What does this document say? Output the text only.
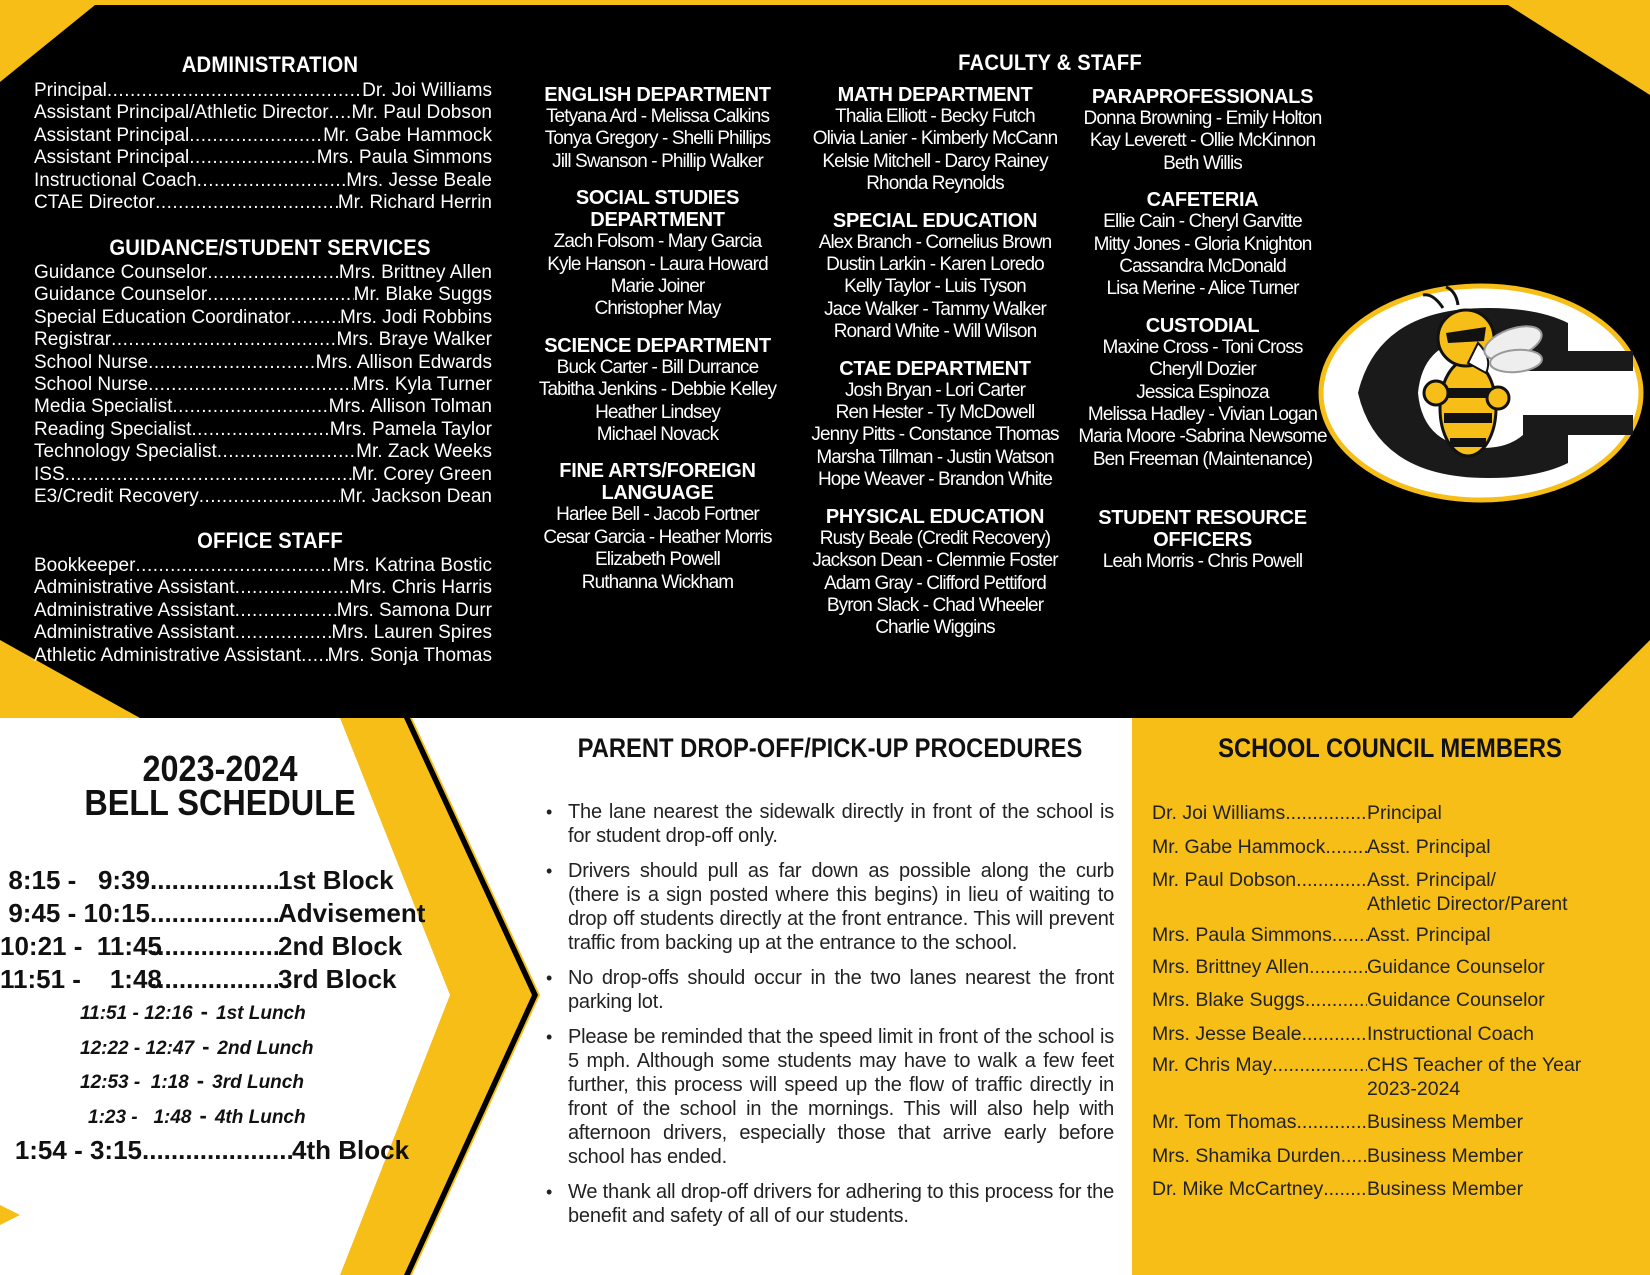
ADMINISTRATION
Principal .....	Dr. Joi Williams
Assistant Principal/Athletic Director ..... Mr. Paul Dobson
Assistant Principal .....	Mr. Gabe Hammock
Assistant Principal .....	Mrs. Paula Simmons
Instructional Coach .....	Mrs. Jesse Beale
CTAE Director .....	Mr. Richard Herrin
GUIDANCE/STUDENT SERVICES
Guidance Counselor .....	Mrs. Brittney Allen
Guidance Counselor .....	Mr. Blake Suggs
Special Education Coordinator .....	Mrs. Jodi Robbins
Registrar .....	Mrs. Braye Walker
School Nurse .....	Mrs. Allison Edwards
School Nurse .....	Mrs. Kyla Turner
Media Specialist .....	Mrs. Allison Tolman
Reading Specialist .....	Mrs. Pamela Taylor
Technology Specialist .....	Mr. Zack Weeks
ISS .....	Mr. Corey Green
E3/Credit Recovery .....	Mr. Jackson Dean
OFFICE STAFF
Bookkeeper .....	Mrs. Katrina Bostic
Administrative Assistant .....	Mrs. Chris Harris
Administrative Assistant .....	Mrs. Samona Durr
Administrative Assistant .....	Mrs. Lauren Spires
Athletic Administrative Assistant ..... Mrs. Sonja Thomas
FACULTY & STAFF
ENGLISH DEPARTMENT
Tetyana Ard - Melissa Calkins
Tonya Gregory - Shelli Phillips
Jill Swanson - Phillip Walker
SOCIAL STUDIES DEPARTMENT
Zach Folsom - Mary Garcia
Kyle Hanson - Laura Howard
Marie Joiner
Christopher May
SCIENCE DEPARTMENT
Buck Carter - Bill Durrance
Tabitha Jenkins - Debbie Kelley
Heather Lindsey
Michael Novack
FINE ARTS/FOREIGN LANGUAGE
Harlee Bell - Jacob Fortner
Cesar Garcia - Heather Morris
Elizabeth Powell
Ruthanna Wickham
MATH DEPARTMENT
Thalia Elliott - Becky Futch
Olivia Lanier - Kimberly McCann
Kelsie Mitchell - Darcy Rainey
Rhonda Reynolds
SPECIAL EDUCATION
Alex Branch - Cornelius Brown
Dustin Larkin - Karen Loredo
Kelly Taylor - Luis Tyson
Jace Walker - Tammy Walker
Ronard White - Will Wilson
CTAE DEPARTMENT
Josh Bryan - Lori Carter
Ren Hester - Ty McDowell
Jenny Pitts - Constance Thomas
Marsha Tillman - Justin Watson
Hope Weaver - Brandon White
PHYSICAL EDUCATION
Rusty Beale (Credit Recovery)
Jackson Dean - Clemmie Foster
Adam Gray - Clifford Pettiford
Byron Slack - Chad Wheeler
Charlie Wiggins
PARAPROFESSIONALS
Donna Browning - Emily Holton
Kay Leverett - Ollie McKinnon
Beth Willis
CAFETERIA
Ellie Cain - Cheryl Garvitte
Mitty Jones - Gloria Knighton
Cassandra McDonald
Lisa Merine - Alice Turner
CUSTODIAL
Maxine Cross - Toni Cross
Cheryll Dozier
Jessica Espinoza
Melissa Hadley - Vivian Logan
Maria Moore -Sabrina Newsome
Ben Freeman (Maintenance)
STUDENT RESOURCE OFFICERS
Leah Morris - Chris Powell
2023-2024
BELL SCHEDULE
8:15 -   9:39 .....	1st Block
9:45 - 10:15 .....	Advisement
10:21 -  11:45 .....	2nd Block
11:51 -    1:48 .....	3rd Block
11:51 - 12:16 - 1st Lunch
12:22 - 12:47 - 2nd Lunch
12:53 -  1:18 - 3rd Lunch
1:23 -   1:48 - 4th Lunch
1:54 - 3:15 .....	4th Block
PARENT DROP-OFF/PICK-UP PROCEDURES
• The lane nearest the sidewalk directly in front of the school is for student drop-off only.
• Drivers should pull as far down as possible along the curb (there is a sign posted where this begins) in lieu of waiting to drop off students directly at the front entrance. This will prevent traffic from backing up at the entrance to the school.
• No drop-offs should occur in the two lanes nearest the front parking lot.
• Please be reminded that the speed limit in front of the school is 5 mph. Although some students may have to walk a few feet further, this process will speed up the flow of traffic directly in front of the school in the mornings. This will also help with afternoon drivers, especially those that arrive early before school has ended.
• We thank all drop-off drivers for adhering to this process for the benefit and safety of all of our students.
SCHOOL COUNCIL MEMBERS
Dr. Joi Williams .....	Principal
Mr. Gabe Hammock ..... Asst. Principal
Mr. Paul Dobson .....	Asst. Principal/
Athletic Director/Parent
Mrs. Paula Simmons ..... Asst. Principal
Mrs. Brittney Allen .....	Guidance Counselor
Mrs. Blake Suggs .....	Guidance Counselor
Mrs. Jesse Beale .....	Instructional Coach
Mr. Chris May .....	CHS Teacher of the Year
2023-2024
Mr. Tom Thomas .....	Business Member
Mrs. Shamika Durden ..... Business Member
Dr. Mike McCartney ..... Business Member
